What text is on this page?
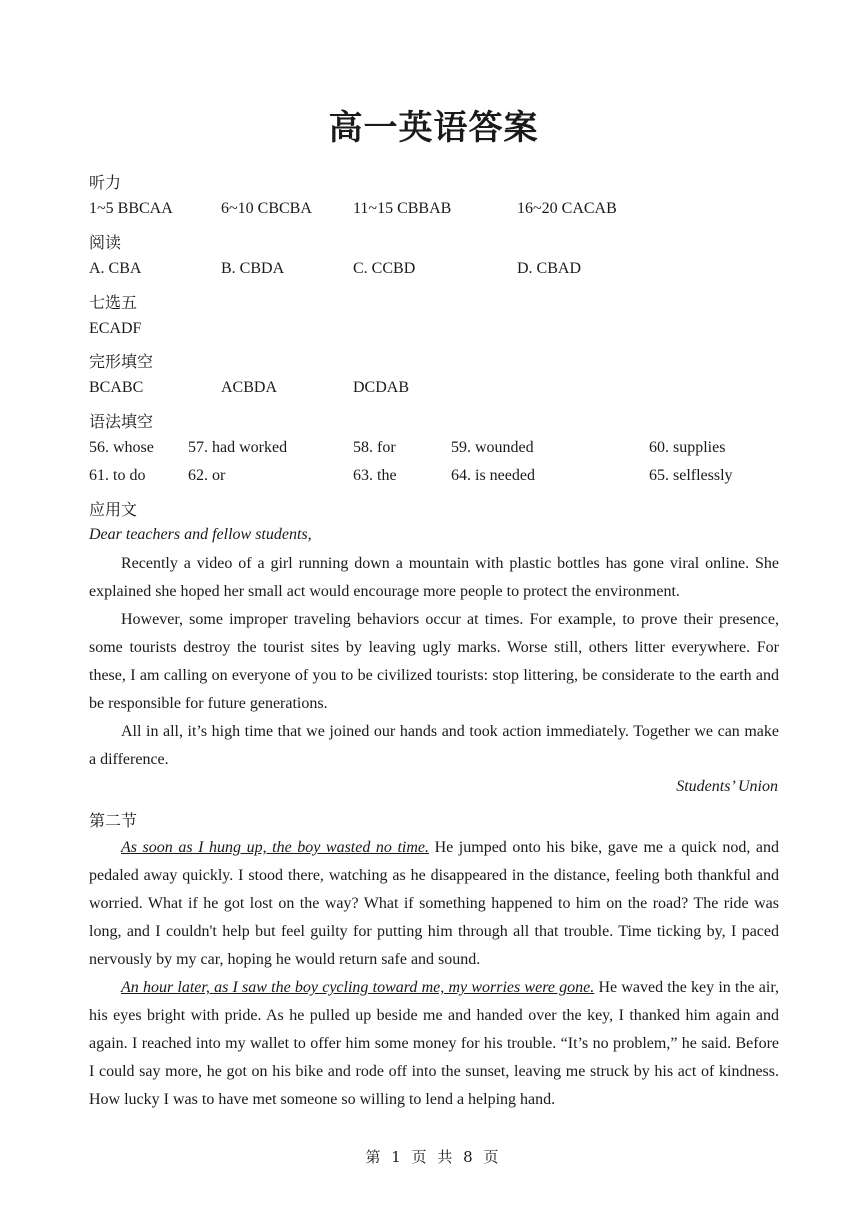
高一英语答案
听力
1~5 BBCAA	6~10 CBCBA	11~15 CBBAB	16~20 CACAB
阅读
A. CBA	B. CBDA	C. CCBD	D. CBAD
七选五
ECADF
完形填空
BCABC	ACBDA	DCDAB
语法填空
56. whose 57. had worked	58. for	59. wounded	60. supplies
61. to do	62. or	63. the	64. is needed	65. selflessly
应用文
Dear teachers and fellow students,

Recently a video of a girl running down a mountain with plastic bottles has gone viral online. She explained she hoped her small act would encourage more people to protect the environment.

However, some improper traveling behaviors occur at times. For example, to prove their presence, some tourists destroy the tourist sites by leaving ugly marks. Worse still, others litter everywhere. For these, I am calling on everyone of you to be civilized tourists: stop littering, be considerate to the earth and be responsible for future generations.

All in all, it’s high time that we joined our hands and took action immediately. Together we can make a difference.

Students’ Union
第二节

As soon as I hung up, the boy wasted no time. He jumped onto his bike, gave me a quick nod, and pedaled away quickly. I stood there, watching as he disappeared in the distance, feeling both thankful and worried. What if he got lost on the way? What if something happened to him on the road? The ride was long, and I couldn't help but feel guilty for putting him through all that trouble. Time ticking by, I paced nervously by my car, hoping he would return safe and sound.

An hour later, as I saw the boy cycling toward me, my worries were gone. He waved the key in the air, his eyes bright with pride. As he pulled up beside me and handed over the key, I thanked him again and again. I reached into my wallet to offer him some money for his trouble. “It’s no problem,” he said. Before I could say more, he got on his bike and rode off into the sunset, leaving me struck by his act of kindness. How lucky I was to have met someone so willing to lend a helping hand.

第 1 页 共 8 页
